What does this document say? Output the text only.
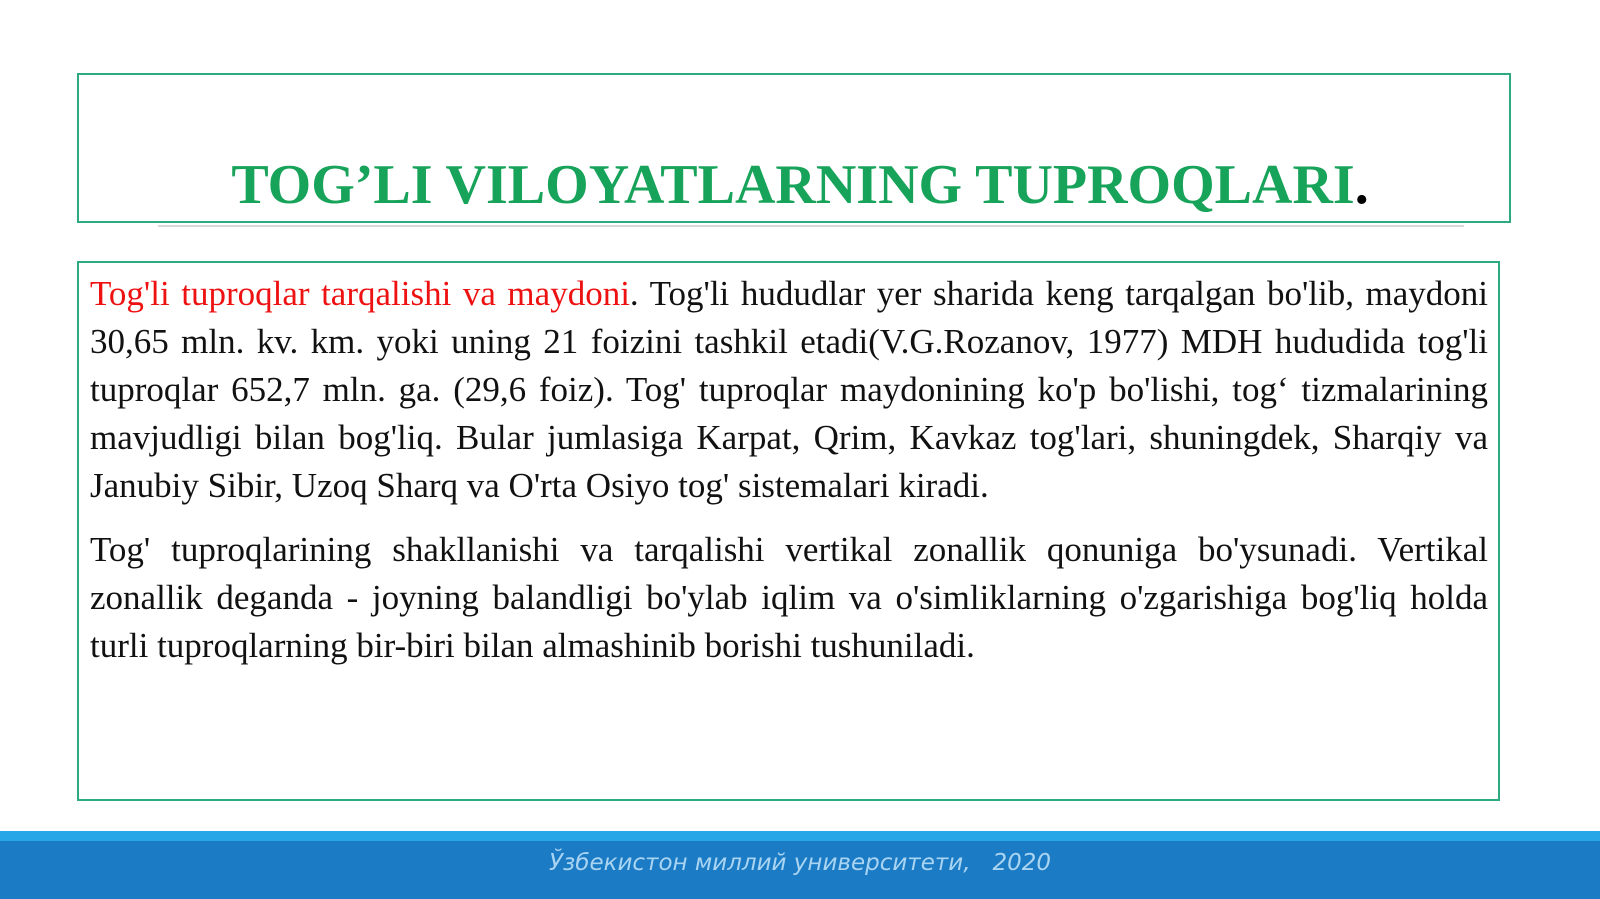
TOG’LI VILOYATLARNING TUPROQLARI.

Tog'li tuproqlar tarqalishi va maydoni. Tog'li hududlar yer sharida keng tarqalgan bo'lib, maydoni 30,65 mln. kv. km. yoki uning 21 foizini tashkil etadi(V.G.Rozanov, 1977) MDH hududida tog'li tuproqlar 652,7 mln. ga. (29,6 foiz). Tog' tuproqlar maydonining ko'p bo'lishi, tog‘ tizmalarining mavjudligi bilan bog'liq. Bular jumlasiga Karpat, Qrim, Kavkaz tog'lari, shuningdek, Sharqiy va Janubiy Sibir, Uzoq Sharq va O'rta Osiyo tog' sistemalari kiradi.

Tog' tuproqlarining shakllanishi va tarqalishi vertikal zonallik qonuniga bo'ysunadi. Vertikal zonallik deganda - joyning balandligi bo'ylab iqlim va o'simliklarning o'zgarishiga bog'liq holda turli tuproqlarning bir-biri bilan almashinib borishi tushuniladi.

Ўзбекистон миллий университети,   2020
